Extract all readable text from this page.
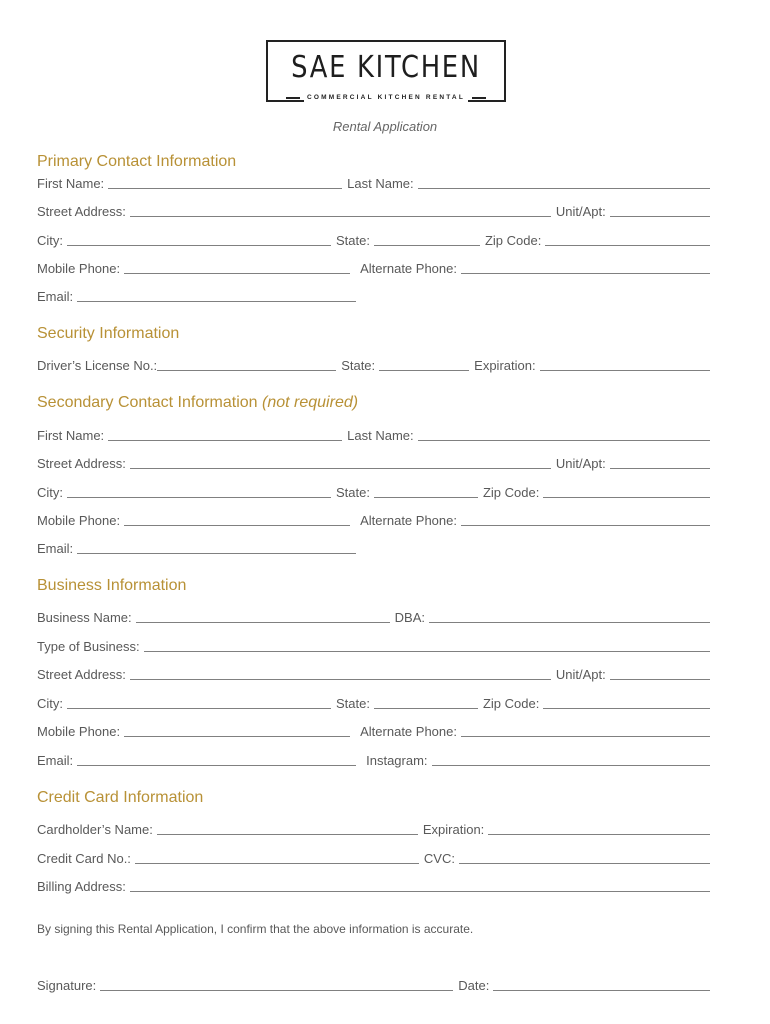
SAE KITCHEN
COMMERCIAL KITCHEN RENTAL
Rental Application
Primary Contact Information
First Name:	Last Name:
Street Address:	Unit/Apt:
City:	State:	Zip Code:
Mobile Phone:	Alternate Phone:
Email:
Security Information
Driver’s License No.:	State:	Expiration:
Secondary Contact Information (not required)
First Name:	Last Name:
Street Address:	Unit/Apt:
City:	State:	Zip Code:
Mobile Phone:	Alternate Phone:
Email:
Business Information
Business Name:	DBA:
Type of Business:
Street Address:	Unit/Apt:
City:	State:	Zip Code:
Mobile Phone:	Alternate Phone:
Email:	Instagram:
Credit Card Information
Cardholder’s Name:	Expiration:
Credit Card No.:	CVC:
Billing Address:
By signing this Rental Application, I confirm that the above information is accurate.
Signature:	Date:
